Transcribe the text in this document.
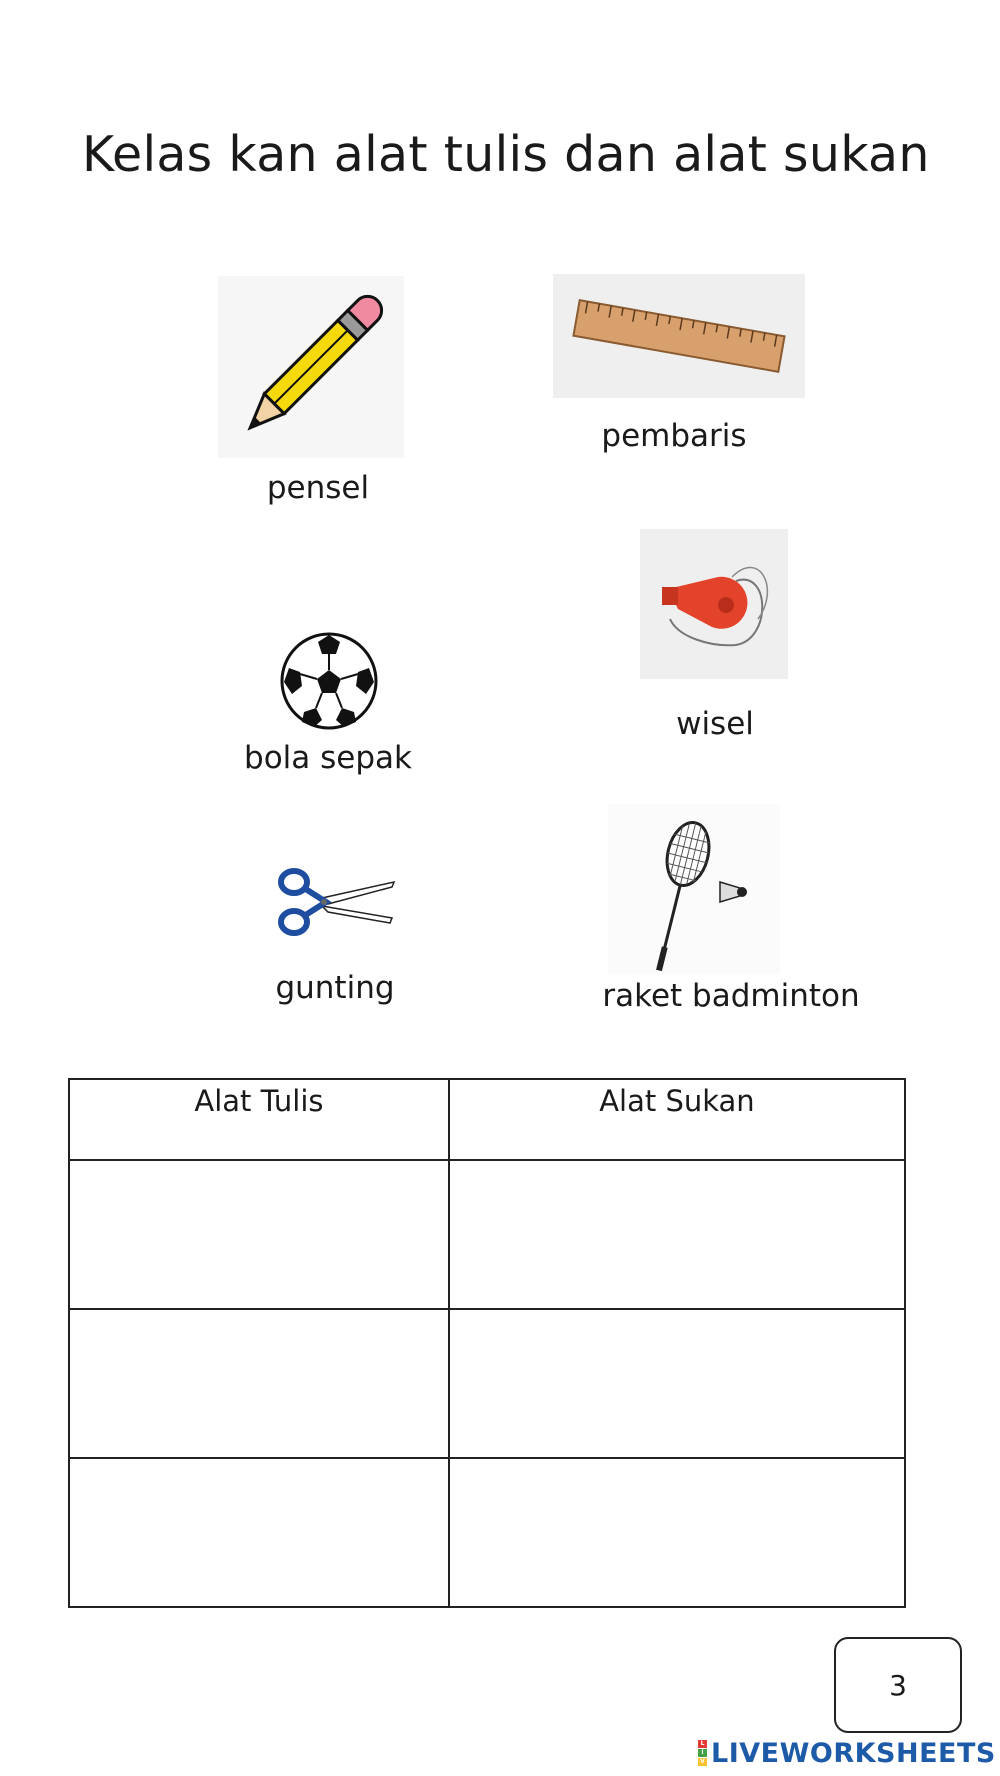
Kelas kan alat tulis dan alat sukan
pensel
pembaris
wisel
bola sepak
gunting	raket badminton
Alat Tulis	Alat Sukan

3
L
I
V LIVEWORKSHEETS
